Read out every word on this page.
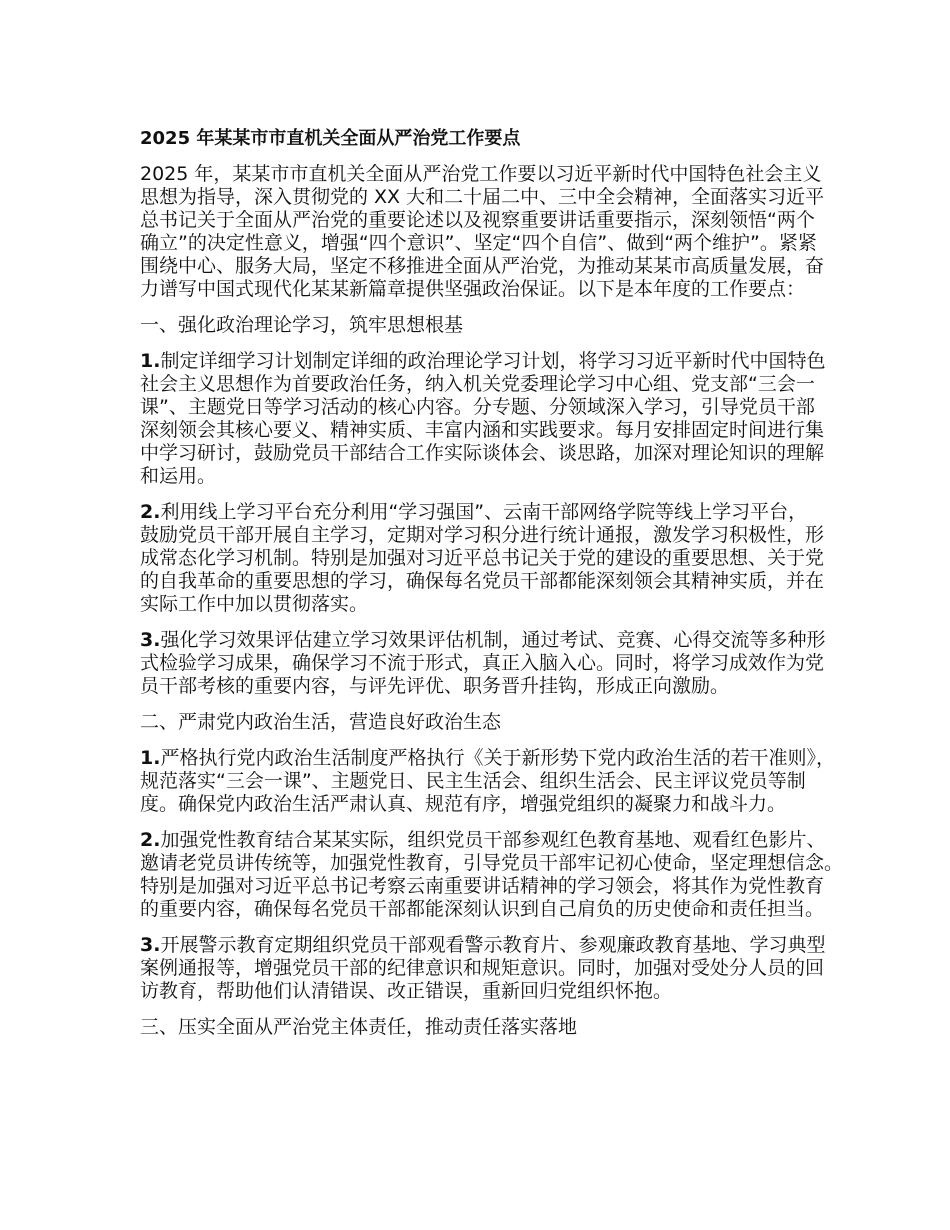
2025 年某某市市直机关全面从严治党工作要点
2025 年，某某市市直机关全面从严治党工作要以习近平新时代中国特色社会主义
思想为指导，深入贯彻党的 XX 大和二十届二中、三中全会精神，全面落实习近平
总书记关于全面从严治党的重要论述以及视察重要讲话重要指示，深刻领悟“两个
确立”的决定性意义，增强“四个意识”、坚定“四个自信”、做到“两个维护”。紧紧
围绕中心、服务大局，坚定不移推进全面从严治党，为推动某某市高质量发展，奋
力谱写中国式现代化某某新篇章提供坚强政治保证。以下是本年度的工作要点：
一、强化政治理论学习，筑牢思想根基
1.制定详细学习计划制定详细的政治理论学习计划，将学习习近平新时代中国特色
社会主义思想作为首要政治任务，纳入机关党委理论学习中心组、党支部“三会一
课”、主题党日等学习活动的核心内容。分专题、分领域深入学习，引导党员干部
深刻领会其核心要义、精神实质、丰富内涵和实践要求。每月安排固定时间进行集
中学习研讨，鼓励党员干部结合工作实际谈体会、谈思路，加深对理论知识的理解
和运用。
2.利用线上学习平台充分利用“学习强国”、云南干部网络学院等线上学习平台，
鼓励党员干部开展自主学习，定期对学习积分进行统计通报，激发学习积极性，形
成常态化学习机制。特别是加强对习近平总书记关于党的建设的重要思想、关于党
的自我革命的重要思想的学习，确保每名党员干部都能深刻领会其精神实质，并在
实际工作中加以贯彻落实。
3.强化学习效果评估建立学习效果评估机制，通过考试、竞赛、心得交流等多种形
式检验学习成果，确保学习不流于形式，真正入脑入心。同时，将学习成效作为党
员干部考核的重要内容，与评先评优、职务晋升挂钩，形成正向激励。
二、严肃党内政治生活，营造良好政治生态
1.严格执行党内政治生活制度严格执行《关于新形势下党内政治生活的若干准则》，
规范落实“三会一课”、主题党日、民主生活会、组织生活会、民主评议党员等制
度。确保党内政治生活严肃认真、规范有序，增强党组织的凝聚力和战斗力。
2.加强党性教育结合某某实际，组织党员干部参观红色教育基地、观看红色影片、
邀请老党员讲传统等，加强党性教育，引导党员干部牢记初心使命，坚定理想信念。
特别是加强对习近平总书记考察云南重要讲话精神的学习领会，将其作为党性教育
的重要内容，确保每名党员干部都能深刻认识到自己肩负的历史使命和责任担当。
3.开展警示教育定期组织党员干部观看警示教育片、参观廉政教育基地、学习典型
案例通报等，增强党员干部的纪律意识和规矩意识。同时，加强对受处分人员的回
访教育，帮助他们认清错误、改正错误，重新回归党组织怀抱。
三、压实全面从严治党主体责任，推动责任落实落地
